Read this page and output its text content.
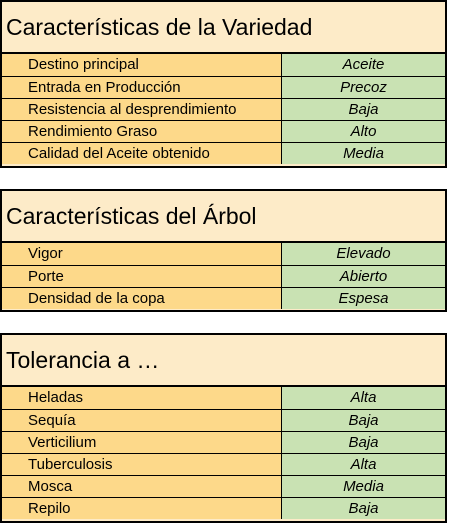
Características de la Variedad
Destino principal	Aceite
Entrada en Producción	Precoz
Resistencia al desprendimiento	Baja
Rendimiento Graso	Alto
Calidad del Aceite obtenido	Media
Características del Árbol
Vigor	Elevado
Porte	Abierto
Densidad de la copa	Espesa
Tolerancia a …
Heladas	Alta
Sequía	Baja
Verticilium	Baja
Tuberculosis	Alta
Mosca	Media
Repilo	Baja
